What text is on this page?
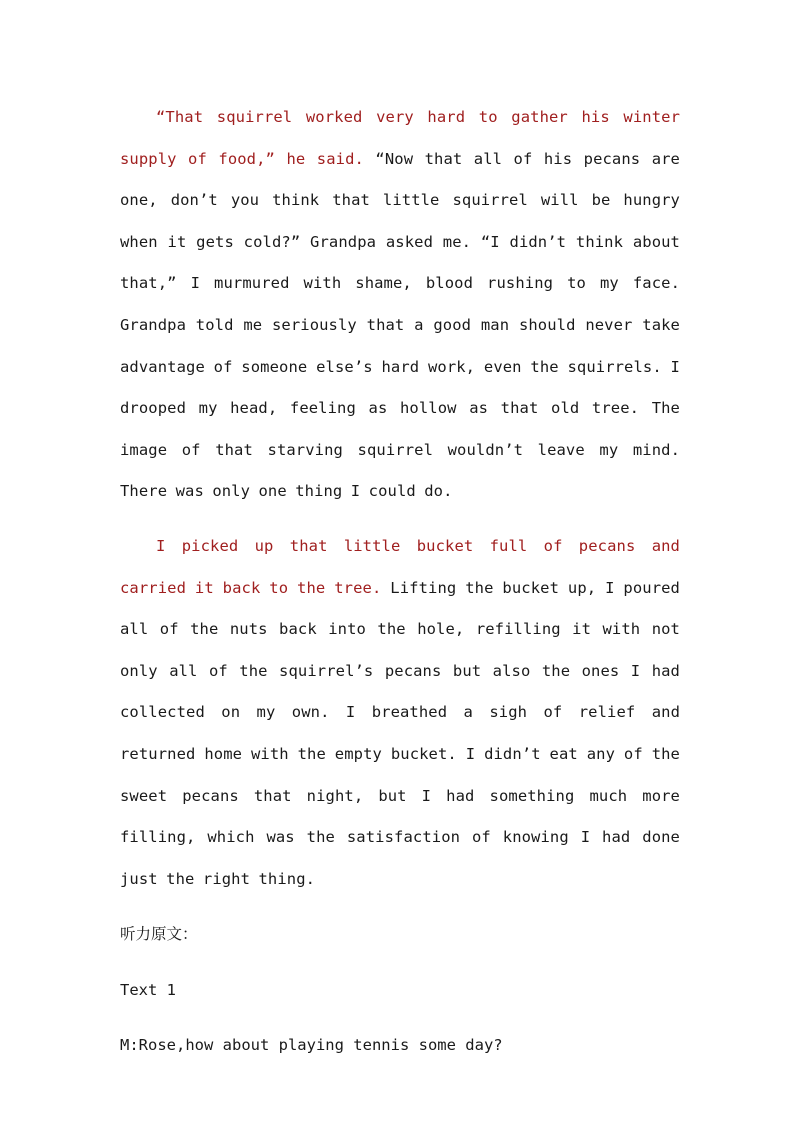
“That squirrel worked very hard to gather his winter supply of food,” he said. “Now that all of his pecans are one, don’t you think that little squirrel will be hungry when it gets cold?” Grandpa asked me. “I didn’t think about that,” I murmured with shame, blood rushing to my face. Grandpa told me seriously that a good man should never take advantage of someone else’s hard work, even the squirrels. I drooped my head, feeling as hollow as that old tree. The image of that starving squirrel wouldn’t leave my mind. There was only one thing I could do.

I picked up that little bucket full of pecans and carried it back to the tree. Lifting the bucket up, I poured all of the nuts back into the hole, refilling it with not only all of the squirrel’s pecans but also the ones I had collected on my own. I breathed a sigh of relief and returned home with the empty bucket. I didn’t eat any of the sweet pecans that night, but I had something much more filling, which was the satisfaction of knowing I had done just the right thing.

听力原文：

Text 1

M:Rose,how about playing tennis some day?
